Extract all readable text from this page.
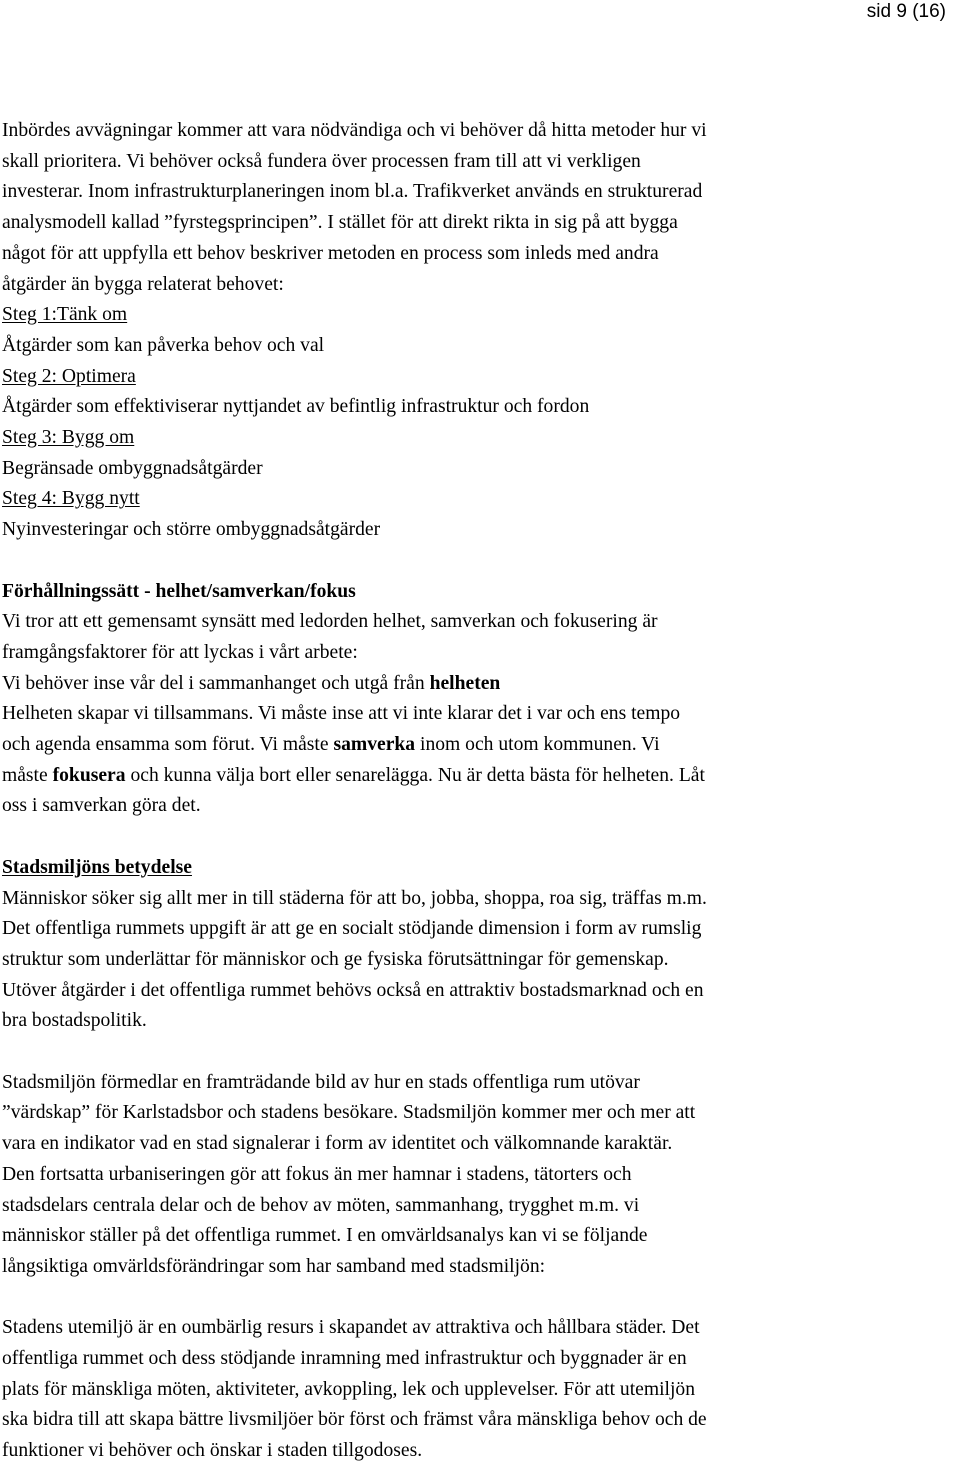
sid 9 (16)
Inbördes avvägningar kommer att vara nödvändiga och vi behöver då hitta metoder hur vi
skall prioritera. Vi behöver också fundera över processen fram till att vi verkligen
investerar. Inom infrastrukturplaneringen inom bl.a. Trafikverket används en strukturerad
analysmodell kallad ”fyrstegsprincipen”. I stället för att direkt rikta in sig på att bygga
något för att uppfylla ett behov beskriver metoden en process som inleds med andra
åtgärder än bygga relaterat behovet:
Steg 1:Tänk om
Åtgärder som kan påverka behov och val
Steg 2: Optimera
Åtgärder som effektiviserar nyttjandet av befintlig infrastruktur och fordon
Steg 3: Bygg om
Begränsade ombyggnadsåtgärder
Steg 4: Bygg nytt
Nyinvesteringar och större ombyggnadsåtgärder
Förhållningssätt - helhet/samverkan/fokus
Vi tror att ett gemensamt synsätt med ledorden helhet, samverkan och fokusering är
framgångsfaktorer för att lyckas i vårt arbete:
Vi behöver inse vår del i sammanhanget och utgå från helheten
Helheten skapar vi tillsammans. Vi måste inse att vi inte klarar det i var och ens tempo
och agenda ensamma som förut. Vi måste samverka inom och utom kommunen. Vi
måste fokusera och kunna välja bort eller senarelägga. Nu är detta bästa för helheten. Låt
oss i samverkan göra det.
Stadsmiljöns betydelse
Människor söker sig allt mer in till städerna för att bo, jobba, shoppa, roa sig, träffas m.m.
Det offentliga rummets uppgift är att ge en socialt stödjande dimension i form av rumslig
struktur som underlättar för människor och ge fysiska förutsättningar för gemenskap.
Utöver åtgärder i det offentliga rummet behövs också en attraktiv bostadsmarknad och en
bra bostadspolitik.
Stadsmiljön förmedlar en framträdande bild av hur en stads offentliga rum utövar
”värdskap” för Karlstadsbor och stadens besökare. Stadsmiljön kommer mer och mer att
vara en indikator vad en stad signalerar i form av identitet och välkomnande karaktär.
Den fortsatta urbaniseringen gör att fokus än mer hamnar i stadens, tätorters och
stadsdelars centrala delar och de behov av möten, sammanhang, trygghet m.m. vi
människor ställer på det offentliga rummet. I en omvärldsanalys kan vi se följande
långsiktiga omvärldsförändringar som har samband med stadsmiljön:
Stadens utemiljö är en oumbärlig resurs i skapandet av attraktiva och hållbara städer. Det
offentliga rummet och dess stödjande inramning med infrastruktur och byggnader är en
plats för mänskliga möten, aktiviteter, avkoppling, lek och upplevelser. För att utemiljön
ska bidra till att skapa bättre livsmiljöer bör först och främst våra mänskliga behov och de
funktioner vi behöver och önskar i staden tillgodoses.
